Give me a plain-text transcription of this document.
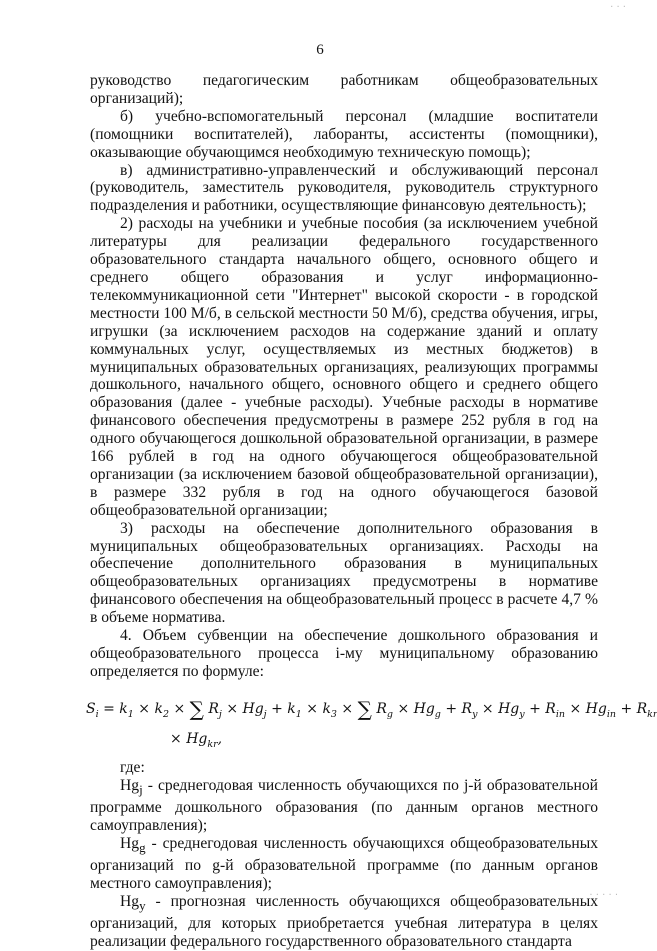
· · ·
6

руководство педагогическим работникам общеобразовательных организаций);

б) учебно-вспомогательный персонал (младшие воспитатели (помощники воспитателей), лаборанты, ассистенты (помощники), оказывающие обучающимся необходимую техническую помощь);

в) административно-управленческий и обслуживающий персонал (руководитель, заместитель руководителя, руководитель структурного подразделения и работники, осуществляющие финансовую деятельность);

2) расходы на учебники и учебные пособия (за исключением учебной литературы для реализации федерального государственного образовательного стандарта начального общего, основного общего и среднего общего образования и услуг информационно-телекоммуникационной сети "Интернет" высокой скорости - в городской местности 100 М/б, в сельской местности 50 М/б), средства обучения, игры, игрушки (за исключением расходов на содержание зданий и оплату коммунальных услуг, осуществляемых из местных бюджетов) в муниципальных образовательных организациях, реализующих программы дошкольного, начального общего, основного общего и среднего общего образования (далее - учебные расходы). Учебные расходы в нормативе финансового обеспечения предусмотрены в размере 252 рубля в год на одного обучающегося дошкольной образовательной организации, в размере 166 рублей в год на одного обучающегося общеобразовательной организации (за исключением базовой общеобразовательной организации), в размере 332 рубля в год на одного обучающегося базовой общеобразовательной организации;

3) расходы на обеспечение дополнительного образования в муниципальных общеобразовательных организациях. Расходы на обеспечение дополнительного образования в муниципальных общеобразовательных организациях предусмотрены в нормативе финансового обеспечения на общеобразовательный процесс в расчете 4,7 % в объеме норматива.

4. Объем субвенции на обеспечение дошкольного образования и общеобразовательного процесса i-му муниципальному образованию определяется по формуле:

$S_i = k_1 \times k_2$ × ∑ $R_j \times Hg_j + k_1 \times k_3$ × ∑ $R_g \times Hg_g + R_y \times Hg_y + R_{in} \times Hg_{in} + R_{kr}$
× $Hg_{kr}$,

где:

$Hg_j$ - среднегодовая численность обучающихся по j-й образовательной программе дошкольного образования (по данным органов местного самоуправления);

$Hg_g$ - среднегодовая численность обучающихся общеобразовательных организаций по g-й образовательной программе (по данным органов местного самоуправления);

$Hg_y$ - прогнозная численность обучающихся общеобразовательных организаций, для которых приобретается учебная литература в целях реализации федерального государственного образовательного стандарта

· · · · ·
